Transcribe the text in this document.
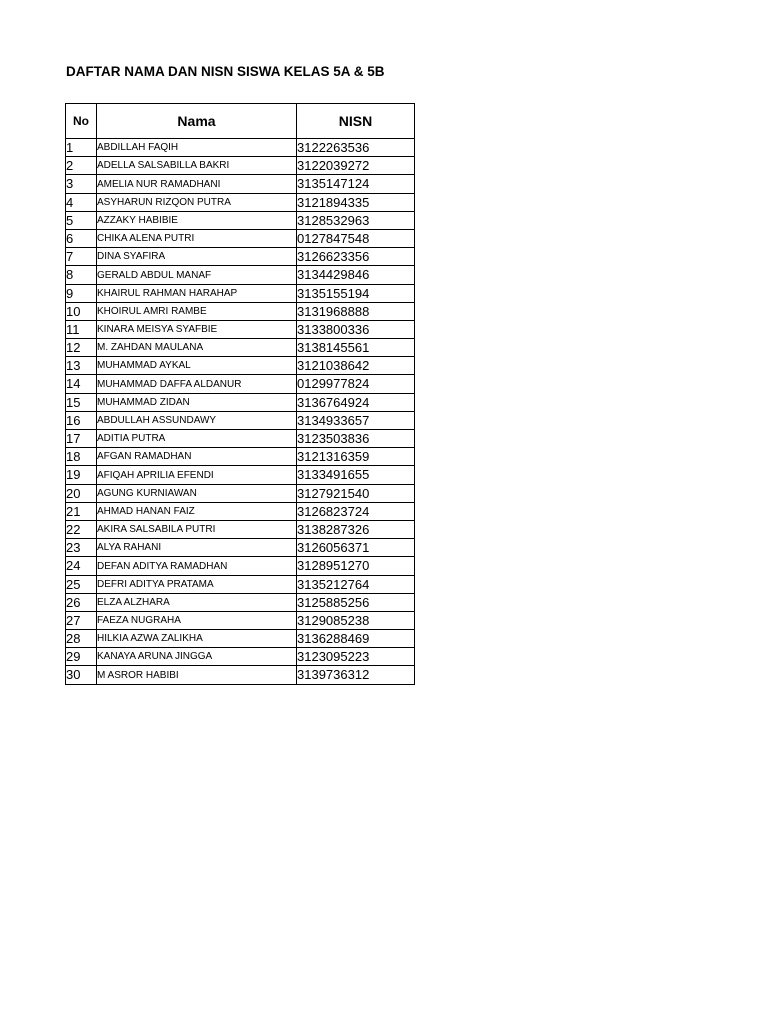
DAFTAR NAMA DAN NISN SISWA KELAS 5A & 5B
No	Nama	NISN
1	ABDILLAH FAQIH	3122263536
2	ADELLA SALSABILLA BAKRI	3122039272
3	AMELIA NUR RAMADHANI	3135147124
4	ASYHARUN RIZQON PUTRA	3121894335
5	AZZAKY HABIBIE	3128532963
6	CHIKA ALENA PUTRI	0127847548
7	DINA SYAFIRA	3126623356
8	GERALD ABDUL MANAF	3134429846
9	KHAIRUL RAHMAN HARAHAP	3135155194
10	KHOIRUL AMRI RAMBE	3131968888
11	KINARA MEISYA SYAFBIE	3133800336
12	M. ZAHDAN MAULANA	3138145561
13	MUHAMMAD AYKAL	3121038642
14	MUHAMMAD DAFFA ALDANUR	0129977824
15	MUHAMMAD ZIDAN	3136764924
16	ABDULLAH ASSUNDAWY	3134933657
17	ADITIA PUTRA	3123503836
18	AFGAN RAMADHAN	3121316359
19	AFIQAH APRILIA EFENDI	3133491655
20	AGUNG KURNIAWAN	3127921540
21	AHMAD HANAN FAIZ	3126823724
22	AKIRA SALSABILA PUTRI	3138287326
23	ALYA RAHANI	3126056371
24	DEFAN ADITYA RAMADHAN	3128951270
25	DEFRI ADITYA PRATAMA	3135212764
26	ELZA ALZHARA	3125885256
27	FAEZA NUGRAHA	3129085238
28	HILKIA AZWA ZALIKHA	3136288469
29	KANAYA ARUNA JINGGA	3123095223
30	M ASROR HABIBI	3139736312
